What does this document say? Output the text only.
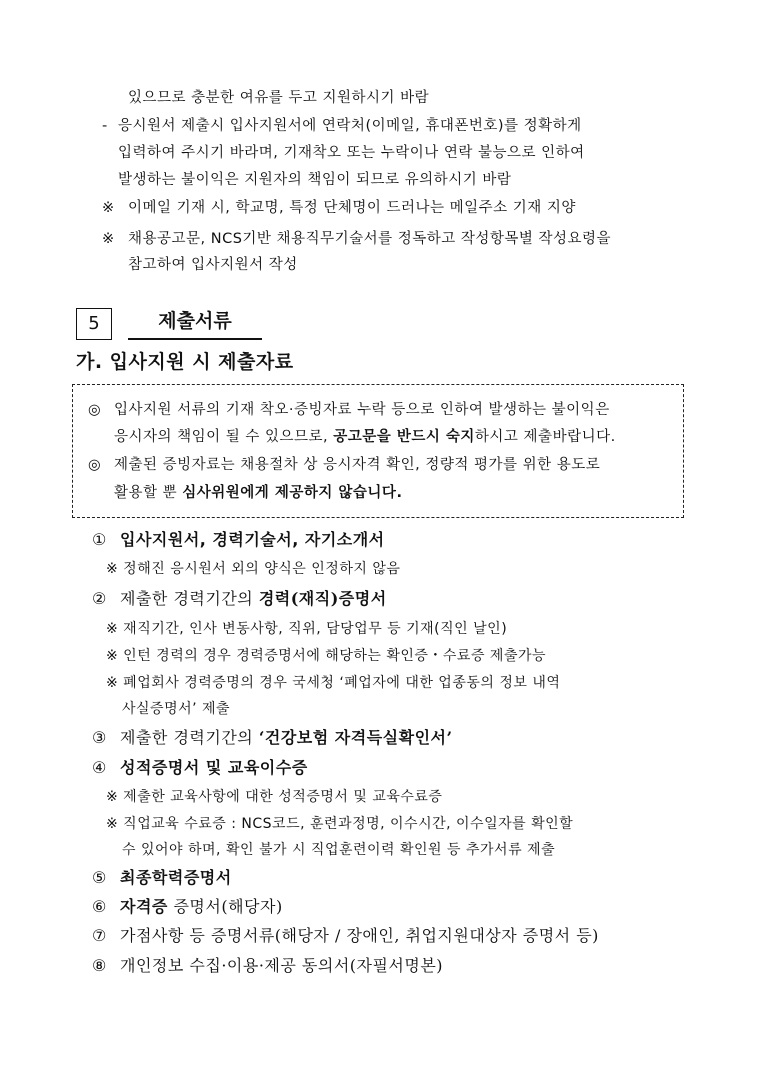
있으므로 충분한 여유를 두고 지원하시기 바람
- 응시원서 제출시 입사지원서에 연락처(이메일, 휴대폰번호)를 정확하게
입력하여 주시기 바라며, 기재착오 또는 누락이나 연락 불능으로 인하여
발생하는 불이익은 지원자의 책임이 되므로 유의하시기 바람
※ 이메일 기재 시, 학교명, 특정 단체명이 드러나는 메일주소 기재 지양
※ 채용공고문, NCS기반 채용직무기술서를 정독하고 작성항목별 작성요령을
참고하여 입사지원서 작성
5	제출서류
가. 입사지원 시 제출자료
◎ 입사지원 서류의 기재 착오·증빙자료 누락 등으로 인하여 발생하는 불이익은
응시자의 책임이 될 수 있으므로, 공고문을 반드시 숙지하시고 제출바랍니다.
◎ 제출된 증빙자료는 채용절차 상 응시자격 확인, 정량적 평가를 위한 용도로
활용할 뿐 심사위원에게 제공하지 않습니다.
① 입사지원서, 경력기술서, 자기소개서
※ 정해진 응시원서 외의 양식은 인정하지 않음
② 제출한 경력기간의 경력(재직)증명서
※ 재직기간, 인사 변동사항, 직위, 담당업무 등 기재(직인 날인)
※ 인턴 경력의 경우 경력증명서에 해당하는 확인증・수료증 제출가능
※ 폐업회사 경력증명의 경우 국세청 ‘폐업자에 대한 업종동의 정보 내역
사실증명서’ 제출
③ 제출한 경력기간의 ‘건강보험 자격득실확인서’
④ 성적증명서 및 교육이수증
※ 제출한 교육사항에 대한 성적증명서 및 교육수료증
※ 직업교육 수료증 : NCS코드, 훈련과정명, 이수시간, 이수일자를 확인할
수 있어야 하며, 확인 불가 시 직업훈련이력 확인원 등 추가서류 제출
⑤ 최종학력증명서
⑥ 자격증 증명서(해당자)
⑦ 가점사항 등 증명서류(해당자 / 장애인, 취업지원대상자 증명서 등)
⑧ 개인정보 수집·이용·제공 동의서(자필서명본)
